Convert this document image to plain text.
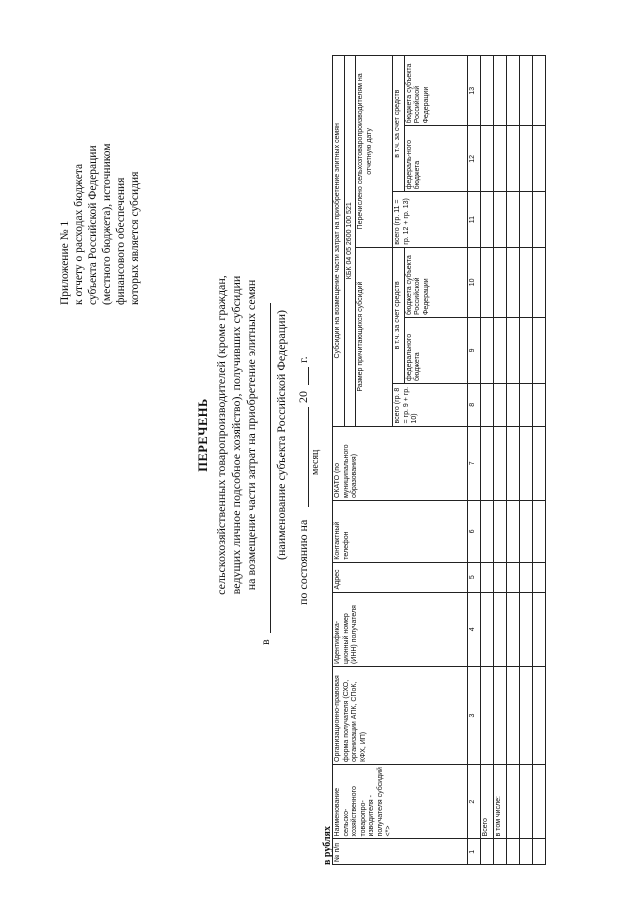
Приложение № 1 к отчету о расходах бюджета субъекта Российской Федерации (местного бюджета), источником финансового обеспечения которых является субсидия
ПЕРЕЧЕНЬ сельскохозяйственных товаропроизводителей (кроме граждан, ведущих личное подсобное хозяйство), получивших субсидии на возмещение части затрат на приобретение элитных семян
в
(наименование субъекта Российской Федерации)
по состоянию на
20
г.
месяц
в рублях № п/п	Наименование сельско-хозяйственного товаропро-изводителя - получателя субсидий <*>	Организационно-правовая форма получателя (СХО, организации АПК, СПоК, КФХ, ИП)	Идентифика-ционный номер (ИНН) получателя	Адрес	Контактный телефон	ОКАТО (по муниципального образования)	Субсидии на возмещение части затрат на приобретение элитных семян					
							КБК 04 05 2600 100 521					
							Размер причитающихся субсидий			Перечислено сельхозтоваропроизводителям на отчетную дату		
							всего (гр. 8 = гр. 9 + гр. 10)	в т.ч. за счет средств		всего (гр. 11 = гр. 12 + гр. 13)	в т.ч. за счет средств	
								федерального бюджета	бюджета субъекта Российской Федерации		федераль-ного бюджета	бюджета субъекта Российской Федерации
1	2	3	4	5	6	7	8	9	10	11	12	13
	Всего											
	в том числе:											
